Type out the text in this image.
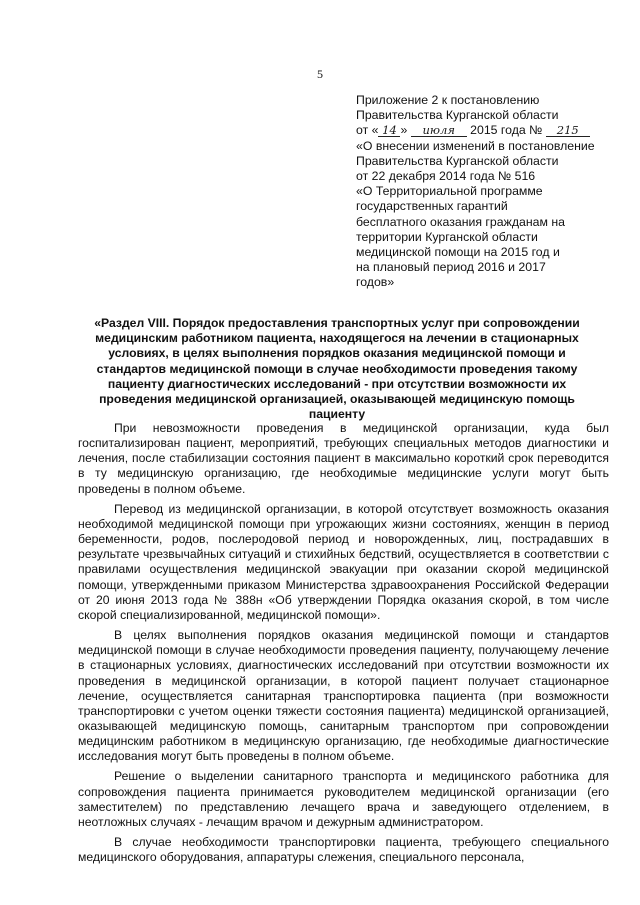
5
Приложение 2 к постановлению
Правительства Курганской области
от « 14 » июля 2015 года № 215
«О внесении изменений в постановление
Правительства Курганской области
от 22 декабря 2014 года № 516
«О Территориальной программе
государственных гарантий
бесплатного оказания гражданам на
территории Курганской области
медицинской помощи на 2015 год и
на плановый период 2016 и 2017
годов»
«Раздел VIII. Порядок предоставления транспортных услуг при сопровождении медицинским работником пациента, находящегося на лечении в стационарных условиях, в целях выполнения порядков оказания медицинской помощи и стандартов медицинской помощи в случае необходимости проведения такому пациенту диагностических исследований - при отсутствии возможности их проведения медицинской организацией, оказывающей медицинскую помощь пациенту

При невозможности проведения в медицинской организации, куда был госпитализирован пациент, мероприятий, требующих специальных методов диагностики и лечения, после стабилизации состояния пациент в максимально короткий срок переводится в ту медицинскую организацию, где необходимые медицинские услуги могут быть проведены в полном объеме.

Перевод из медицинской организации, в которой отсутствует возможность оказания необходимой медицинской помощи при угрожающих жизни состояниях, женщин в период беременности, родов, послеродовой период и новорожденных, лиц, пострадавших в результате чрезвычайных ситуаций и стихийных бедствий, осуществляется в соответствии с правилами осуществления медицинской эвакуации при оказании скорой медицинской помощи, утвержденными приказом Министерства здравоохранения Российской Федерации от 20 июня 2013 года № 388н «Об утверждении Порядка оказания скорой, в том числе скорой специализированной, медицинской помощи».

В целях выполнения порядков оказания медицинской помощи и стандартов медицинской помощи в случае необходимости проведения пациенту, получающему лечение в стационарных условиях, диагностических исследований при отсутствии возможности их проведения в медицинской организации, в которой пациент получает стационарное лечение, осуществляется санитарная транспортировка пациента (при возможности транспортировки с учетом оценки тяжести состояния пациента) медицинской организацией, оказывающей медицинскую помощь, санитарным транспортом при сопровождении медицинским работником в медицинскую организацию, где необходимые диагностические исследования могут быть проведены в полном объеме.

Решение о выделении санитарного транспорта и медицинского работника для сопровождения пациента принимается руководителем медицинской организации (его заместителем) по представлению лечащего врача и заведующего отделением, в неотложных случаях - лечащим врачом и дежурным администратором.

В случае необходимости транспортировки пациента, требующего специального медицинского оборудования, аппаратуры слежения, специального персонала,
